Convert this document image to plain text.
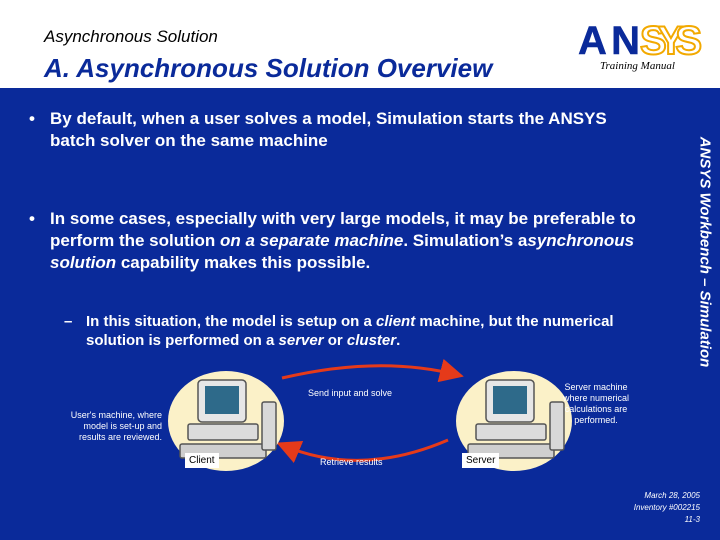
Asynchronous Solution
A. Asynchronous Solution Overview
AN SYS
Training Manual
ANSYS Workbench – Simulation
• By default, when a user solves a model, Simulation starts the ANSYS batch solver on the same machine
• In some cases, especially with very large models, it may be preferable to perform the solution on a separate machine. Simulation’s asynchronous solution capability makes this possible.
– In this situation, the model is setup on a client machine, but the numerical solution is performed on a server or cluster.
Client
User's machine, where model is set-up and results are reviewed.
Server
Server machine where numerical calculations are performed.
Send input and solve
Retrieve results
March 28, 2005
Inventory #002215
11-3
